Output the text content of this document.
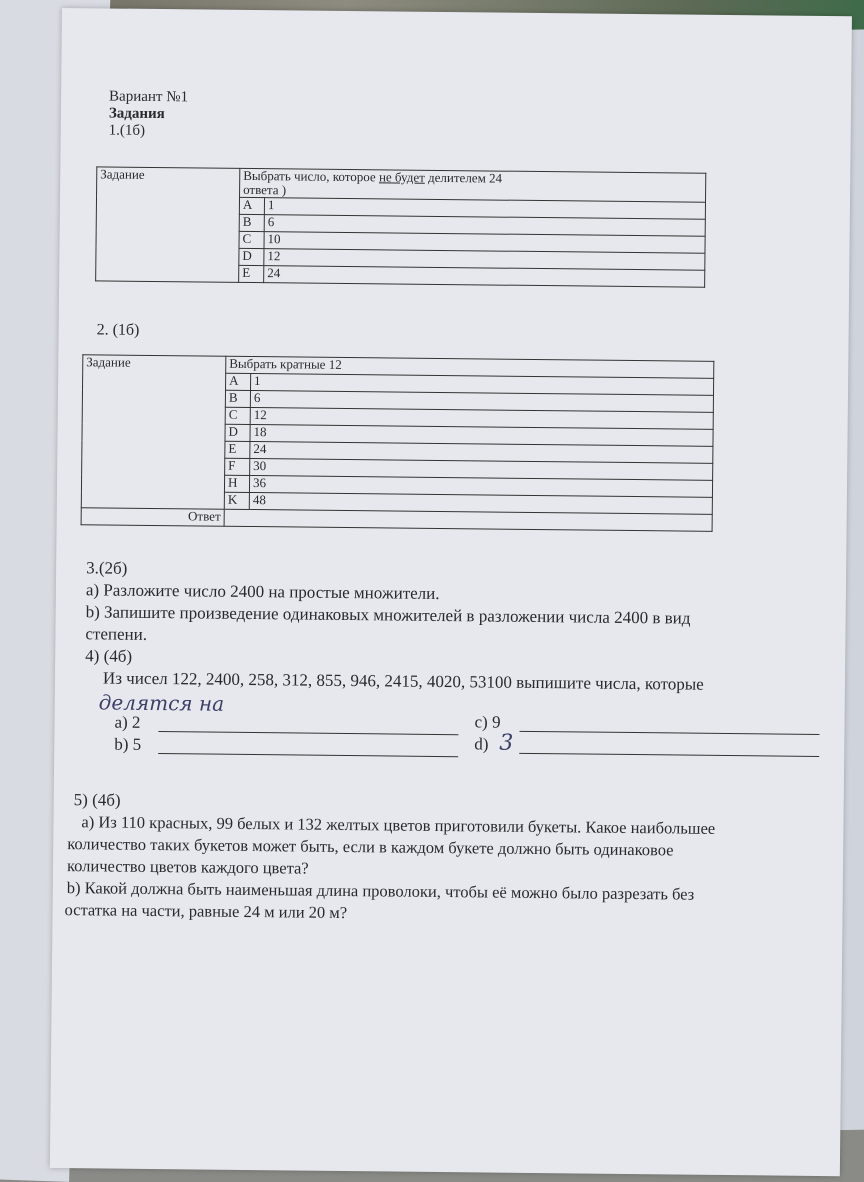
Вариант №1
Задания
1.(1б)
Задание	Выбрать число, которое не будет делителем 24
ответа )	
	A	1
	B	6
	C	10
	D	12
	E	24
2. (1б)
Задание	Выбрать кратные 12	
	A	1
	B	6
	C	12
	D	18
	E	24
	F	30
	H	36
	K	48
Ответ		
3.(2б)
а) Разложите число 2400 на простые множители.
b) Запишите произведение одинаковых множителей в разложении числа 2400 в вид
степени.
4) (4б)
Из чисел 122, 2400, 258, 312, 855, 946, 2415, 4020, 53100 выпишите числа, которые
делятся на
а) 2	c) 9
b) 5	d) 3
5) (4б)
а) Из 110 красных, 99 белых и 132 желтых цветов приготовили букеты. Какое наибольшее
количество таких букетов может быть, если в каждом букете должно быть одинаковое
количество цветов каждого цвета?
b) Какой должна быть наименьшая длина проволоки, чтобы её можно было разрезать без
остатка на части, равные 24 м или 20 м?
